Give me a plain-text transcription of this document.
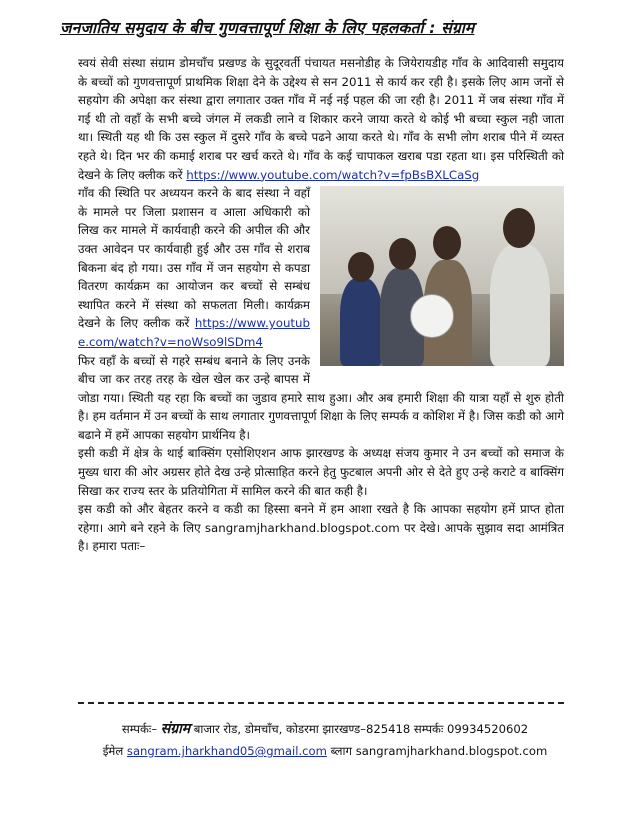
जनजातिय समुदाय के बीच गुणवत्तापूर्ण शिक्षा के लिए पहलकर्ता : संग्राम

स्वयं सेवी संस्था संग्राम डोमचाँच प्रखण्ड के सुदूरवर्ती पंचायत मसनोडीह के जियेरायडीह गाँव के आदिवासी समुदाय के बच्चों को गुणवत्तापूर्ण प्राथमिक शिक्षा देने के उद्देश्य से सन 2011 से कार्य कर रही है। इसके लिए आम जनों से सहयोग की अपेक्षा कर संस्था द्वारा लगातार उक्त गाँव में नई नई पहल की जा रही है। 2011 में जब संस्था गाँव में गई थी तो वहाँ के सभी बच्चे जंगल में लकडी लाने व शिकार करने जाया करते थे कोई भी बच्चा स्कुल नही जाता था। स्थिती यह थी कि उस स्कुल में दुसरे गाँव के बच्चे पढने आया करते थे। गाँव के सभी लोग शराब पीने में व्यस्त रहते थे। दिन भर की कमाई शराब पर खर्च करते थे। गाँव के कई चापाकल खराब पडा रहता था। इस परिस्थिती को देखने के लिए क्लीक करें https://www.youtube.com/watch?v=fpBsBXLCaSg

गाँव की स्थिति पर अध्ययन करने के बाद संस्था ने वहाँ के मामले पर जिला प्रशासन व आला अधिकारी को लिख कर मामले में कार्यवाही करने की अपील की और उक्त आवेदन पर कार्यवाही हुई और उस गाँव से शराब बिकना बंद हो गया। उस गाँव में जन सहयोग से कपडा वितरण कार्यक्रम का आयोजन कर बच्चों से सम्बंध स्थापित करने में संस्था को सफलता मिली। कार्यक्रम देखने के लिए क्लीक करें https://www.youtube.com/watch?v=noWso9lSDm4

फिर वहाँ के बच्चों से गहरे सम्बंध बनाने के लिए उनके बीच जा कर तरह तरह के खेल खेल कर उन्हे बापस में जोडा गया। स्थिती यह रहा कि बच्चों का जुडाव हमारे साथ हुआ। और अब हमारी शिक्षा की यात्रा यहाँ से शुरु होती है। हम वर्तमान में उन बच्चों के साथ लगातार गुणवत्तापूर्ण शिक्षा के लिए सम्पर्क व कोशिश में है। जिस कडी को आगे बढाने में हमें आपका सहयोग प्रार्थनिय है।

इसी कडी में क्षेत्र के थाई बाक्सिंग एसोशिएशन आफ झारखण्ड के अध्यक्ष संजय कुमार ने उन बच्चों को समाज के मुख्य धारा की ओर अग्रसर होते देख उन्हे प्रोत्साहित करने हेतु फुटबाल अपनी ओर से देते हुए उन्हे कराटे व बाक्सिंग सिखा कर राज्य स्तर के प्रतियोगिता में सामिल करने की बात कही है।

इस कडी को और बेहतर करने व कडी का हिस्सा बनने में हम आशा रखते है कि आपका सहयोग हमें प्राप्त होता रहेगा। आगे बने रहने के लिए sangramjharkhand.blogspot.com पर देखे। आपके सुझाव सदा आमंत्रित है। हमारा पताः–

सम्पर्कः– संग्राम बाजार रोड, डोमचाँच, कोडरमा झारखण्ड–825418 सम्पर्कः 09934520602
ईमेल sangram.jharkhand05@gmail.com ब्लाग sangramjharkhand.blogspot.com
